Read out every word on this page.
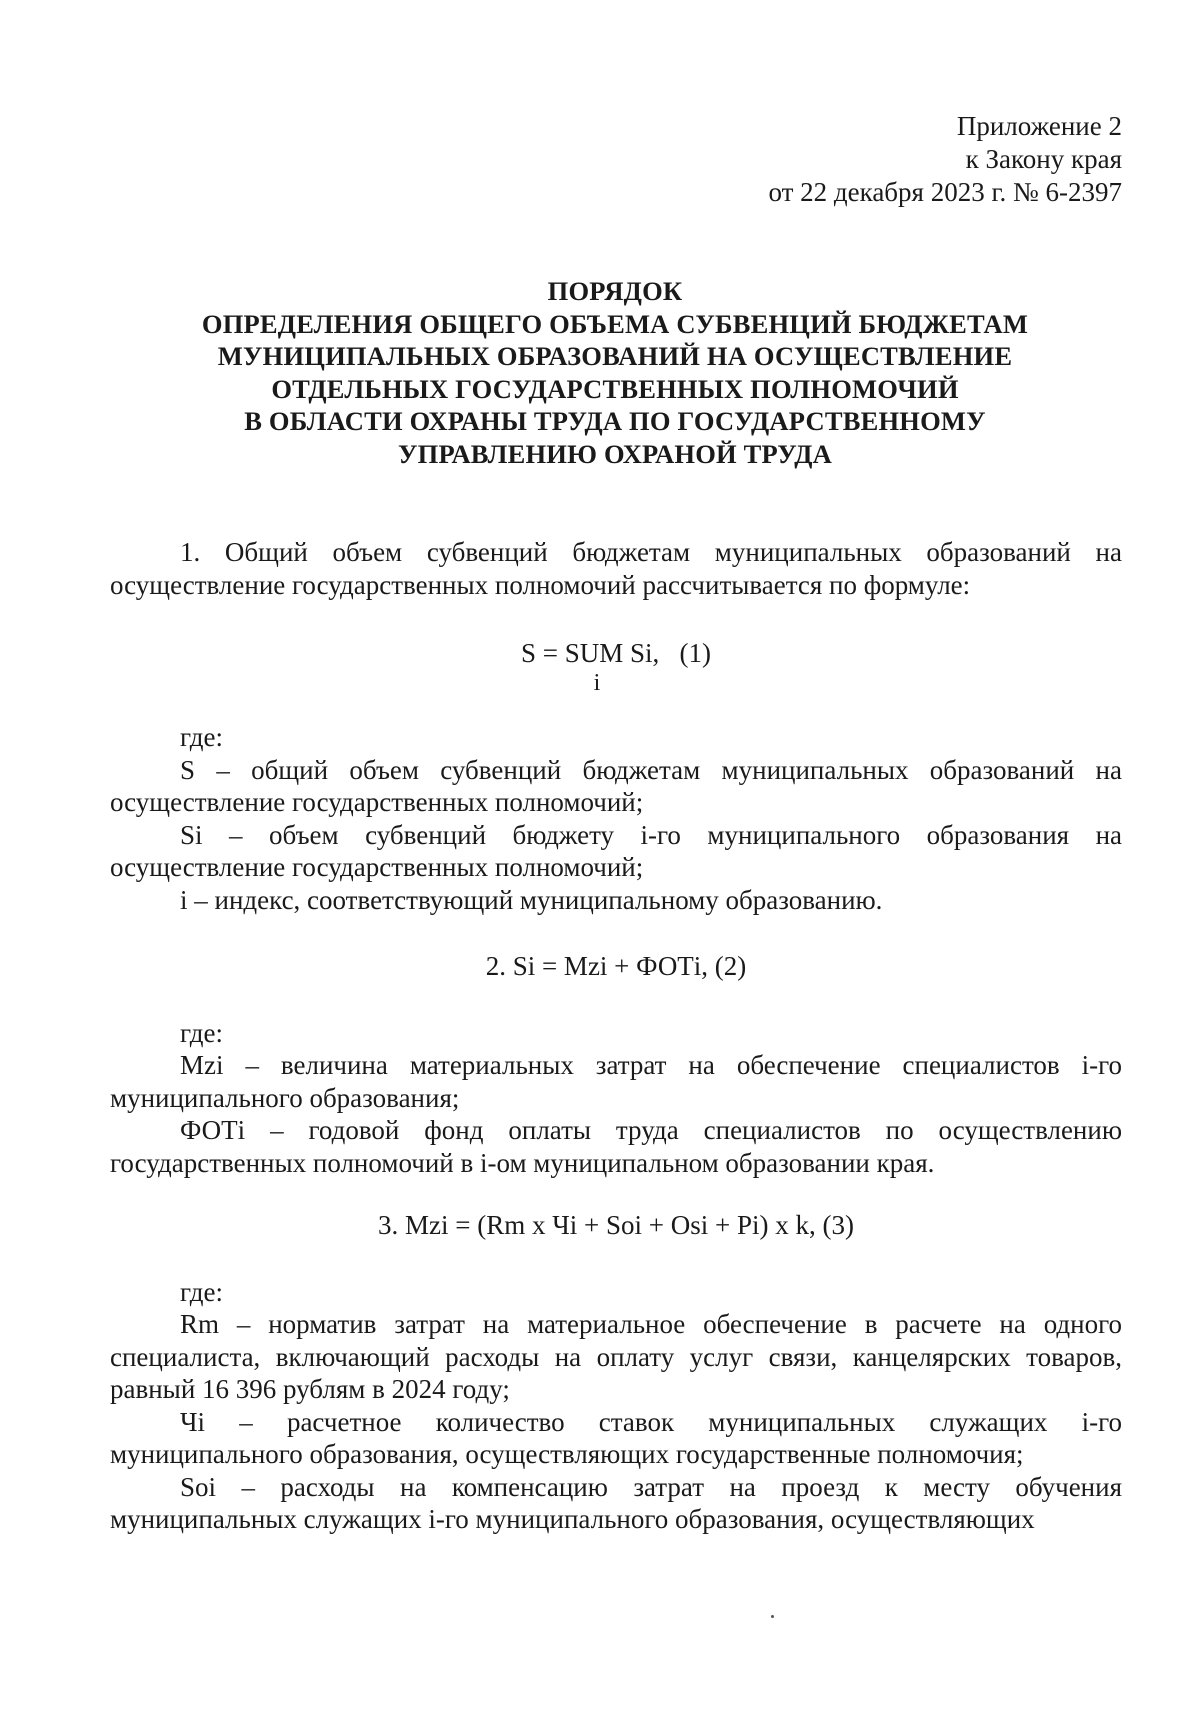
Приложение 2
к Закону края
от 22 декабря 2023 г. № 6-2397
ПОРЯДОК
ОПРЕДЕЛЕНИЯ ОБЩЕГО ОБЪЕМА СУБВЕНЦИЙ БЮДЖЕТАМ
МУНИЦИПАЛЬНЫХ ОБРАЗОВАНИЙ НА ОСУЩЕСТВЛЕНИЕ
ОТДЕЛЬНЫХ ГОСУДАРСТВЕННЫХ ПОЛНОМОЧИЙ
В ОБЛАСТИ ОХРАНЫ ТРУДА ПО ГОСУДАРСТВЕННОМУ
УПРАВЛЕНИЮ ОХРАНОЙ ТРУДА

1. Общий объем субвенций бюджетам муниципальных образований на осуществление государственных полномочий рассчитывается по формуле:

S = SUM Si,   (1)
i

где:

S – общий объем субвенций бюджетам муниципальных образований на осуществление государственных полномочий;

Si – объем субвенций бюджету i-го муниципального образования на осуществление государственных полномочий;

i – индекс, соответствующий муниципальному образованию.

2. Si = Mzi + ФОТi, (2)

где:

Mzi – величина материальных затрат на обеспечение специалистов i-го муниципального образования;

ФОТi – годовой фонд оплаты труда специалистов по осуществлению государственных полномочий в i-ом муниципальном образовании края.

3. Mzi = (Rm x Чi + Soi + Osi + Pi) x k, (3)

где:

Rm – норматив затрат на материальное обеспечение в расчете на одного специалиста, включающий расходы на оплату услуг связи, канцелярских товаров, равный 16 396 рублям в 2024 году;

Чi – расчетное количество ставок муниципальных служащих i-го муниципального образования, осуществляющих государственные полномочия;

Soi – расходы на компенсацию затрат на проезд к месту обучения муниципальных служащих i-го муниципального образования, осуществляющих
